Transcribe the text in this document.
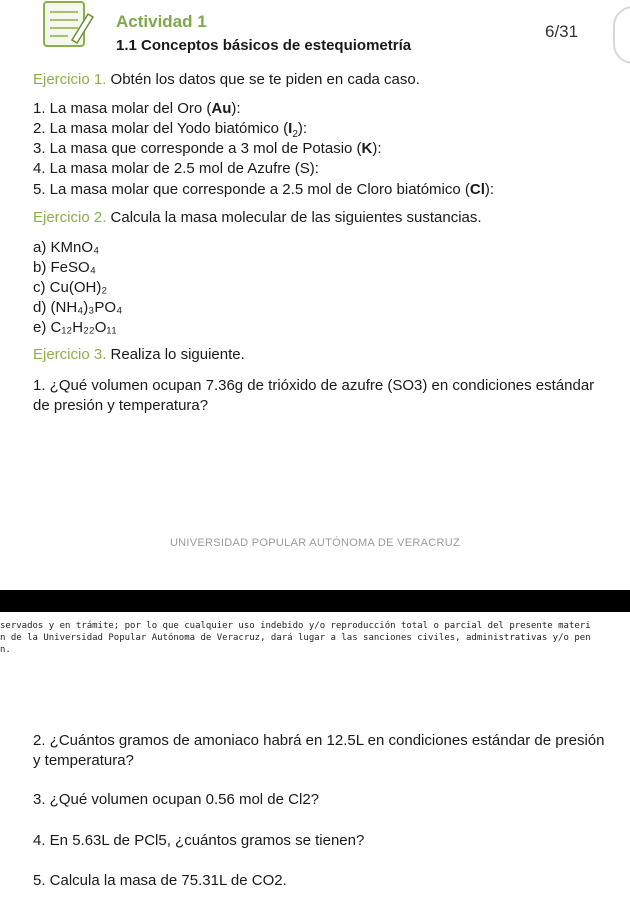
Actividad 1
1.1 Conceptos básicos de estequiometría
6/31
Ejercicio 1. Obtén los datos que se te piden en cada caso.
1. La masa molar del Oro (Au):
2. La masa molar del Yodo biatómico $(I_2)$:
3. La masa que corresponde a 3 mol de Potasio (K):
4. La masa molar de 2.5 mol de Azufre (S):
5. La masa molar que corresponde a 2.5 mol de Cloro biatómico (Cl):
Ejercicio 2. Calcula la masa molecular de las siguientes sustancias.
a) KMnO₄
b) FeSO₄
c) Cu(OH)₂
d) (NH₄)₃PO₄
e) C₁₂H₂₂O₁₁
Ejercicio 3. Realiza lo siguiente.
1. ¿Qué volumen ocupan 7.36g de trióxido de azufre (SO3) en condiciones estándar
de presión y temperatura?
UNIVERSIDAD POPULAR AUTÓNOMA DE VERACRUZ
servados y en trámite; por lo que cualquier uso indebido y/o reproducción total o parcial del presente materi
n de la Universidad Popular Autónoma de Veracruz, dará lugar a las sanciones civiles, administrativas y/o pen
n.
2. ¿Cuántos gramos de amoniaco habrá en 12.5L en condiciones estándar de presión
y temperatura?
3. ¿Qué volumen ocupan 0.56 mol de Cl2?
4. En 5.63L de PCl5, ¿cuántos gramos se tienen?
5. Calcula la masa de 75.31L de CO2.
